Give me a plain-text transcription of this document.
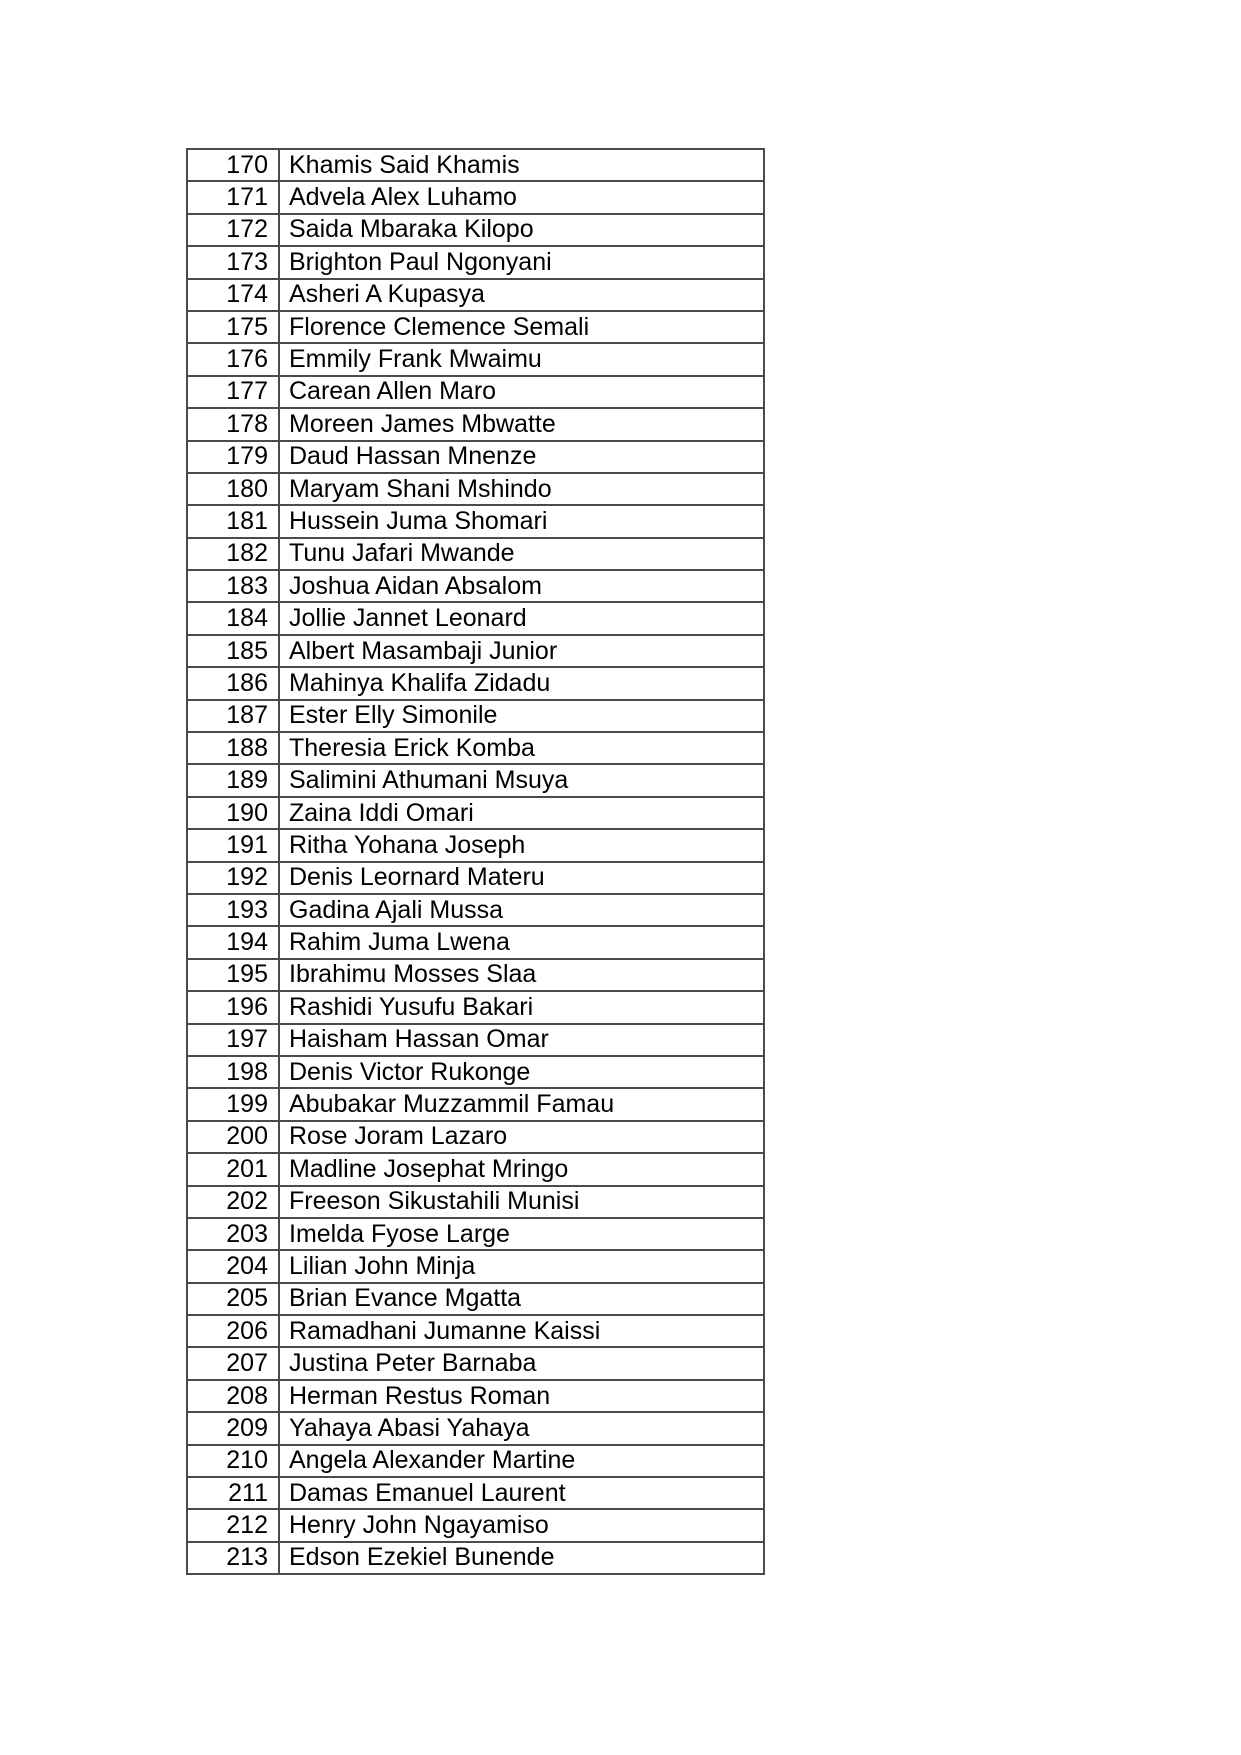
170	Khamis Said Khamis
171	Advela Alex Luhamo
172	Saida Mbaraka Kilopo
173	Brighton Paul Ngonyani
174	Asheri A Kupasya
175	Florence Clemence Semali
176	Emmily Frank Mwaimu
177	Carean Allen Maro
178	Moreen James Mbwatte
179	Daud Hassan Mnenze
180	Maryam Shani Mshindo
181	Hussein Juma Shomari
182	Tunu Jafari Mwande
183	Joshua Aidan Absalom
184	Jollie Jannet Leonard
185	Albert Masambaji Junior
186	Mahinya Khalifa Zidadu
187	Ester Elly Simonile
188	Theresia Erick Komba
189	Salimini Athumani Msuya
190	Zaina Iddi Omari
191	Ritha Yohana Joseph
192	Denis Leornard Materu
193	Gadina Ajali Mussa
194	Rahim Juma Lwena
195	Ibrahimu Mosses Slaa
196	Rashidi Yusufu Bakari
197	Haisham Hassan Omar
198	Denis Victor Rukonge
199	Abubakar Muzzammil Famau
200	Rose Joram Lazaro
201	Madline Josephat Mringo
202	Freeson Sikustahili Munisi
203	Imelda Fyose Large
204	Lilian John Minja
205	Brian Evance Mgatta
206	Ramadhani Jumanne Kaissi
207	Justina Peter Barnaba
208	Herman Restus Roman
209	Yahaya Abasi Yahaya
210	Angela Alexander Martine
211	Damas Emanuel Laurent
212	Henry John Ngayamiso
213	Edson Ezekiel Bunende
